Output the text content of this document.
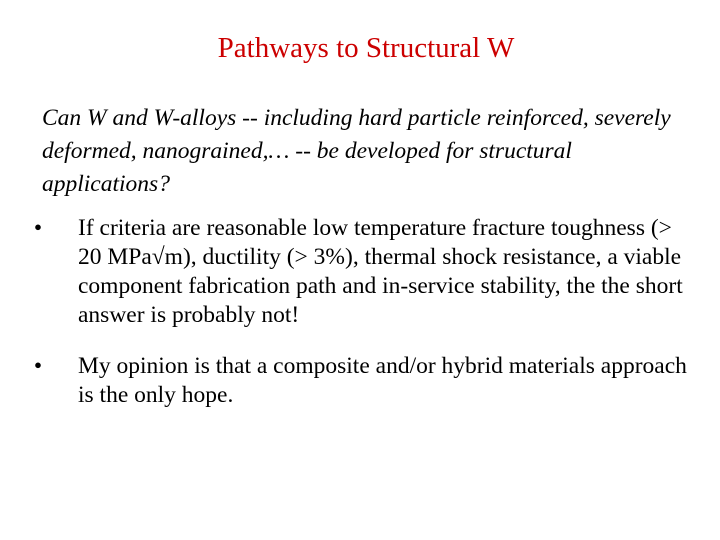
Pathways to Structural W

Can W and W-alloys -- including hard particle reinforced, severely deformed, nanograined,… -- be developed for structural applications?

• If criteria are reasonable low temperature fracture toughness (> 20 MPa√m), ductility (> 3%), thermal shock resistance, a viable component fabrication path and in-service stability, the the short answer is probably not!
• My opinion is that a composite and/or hybrid materials approach is the only hope.
